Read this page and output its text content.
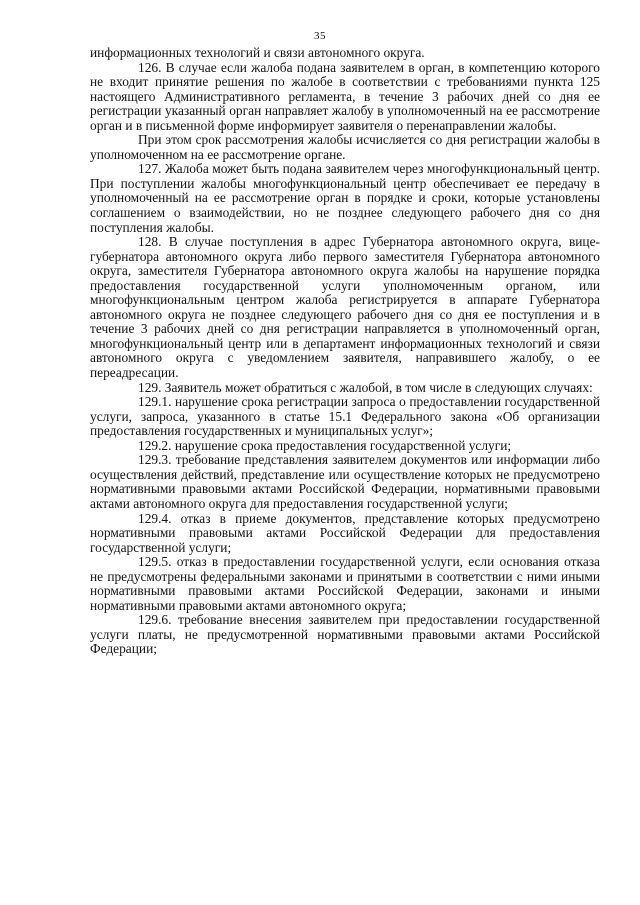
35

информационных технологий и связи автономного округа.

126. В случае если жалоба подана заявителем в орган, в компетенцию которого не входит принятие решения по жалобе в соответствии с требованиями пункта 125 настоящего Административного регламента, в течение 3 рабочих дней со дня ее регистрации указанный орган направляет жалобу в уполномоченный на ее рассмотрение орган и в письменной форме информирует заявителя о перенаправлении жалобы.

При этом срок рассмотрения жалобы исчисляется со дня регистрации жалобы в уполномоченном на ее рассмотрение органе.

127. Жалоба может быть подана заявителем через многофункциональный центр. При поступлении жалобы многофункциональный центр обеспечивает ее передачу в уполномоченный на ее рассмотрение орган в порядке и сроки, которые установлены соглашением о взаимодействии, но не позднее следующего рабочего дня со дня поступления жалобы.

128. В случае поступления в адрес Губернатора автономного округа, вице-губернатора автономного округа либо первого заместителя Губернатора автономного округа, заместителя Губернатора автономного округа жалобы на нарушение порядка предоставления государственной услуги уполномоченным органом, или многофункциональным центром жалоба регистрируется в аппарате Губернатора автономного округа не позднее следующего рабочего дня со дня ее поступления и в течение 3 рабочих дней со дня регистрации направляется в уполномоченный орган, многофункциональный центр или в департамент информационных технологий и связи автономного округа с уведомлением заявителя, направившего жалобу, о ее переадресации.

129. Заявитель может обратиться с жалобой, в том числе в следующих случаях:

129.1. нарушение срока регистрации запроса о предоставлении государственной услуги, запроса, указанного в статье 15.1 Федерального закона «Об организации предоставления государственных и муниципальных услуг»;

129.2. нарушение срока предоставления государственной услуги;

129.3. требование представления заявителем документов или информации либо осуществления действий, представление или осуществление которых не предусмотрено нормативными правовыми актами Российской Федерации, нормативными правовыми актами автономного округа для предоставления государственной услуги;

129.4. отказ в приеме документов, представление которых предусмотрено нормативными правовыми актами Российской Федерации для предоставления государственной услуги;

129.5. отказ в предоставлении государственной услуги, если основания отказа не предусмотрены федеральными законами и принятыми в соответствии с ними иными нормативными правовыми актами Российской Федерации, законами и иными нормативными правовыми актами автономного округа;

129.6. требование внесения заявителем при предоставлении государственной услуги платы, не предусмотренной нормативными правовыми актами Российской Федерации;
